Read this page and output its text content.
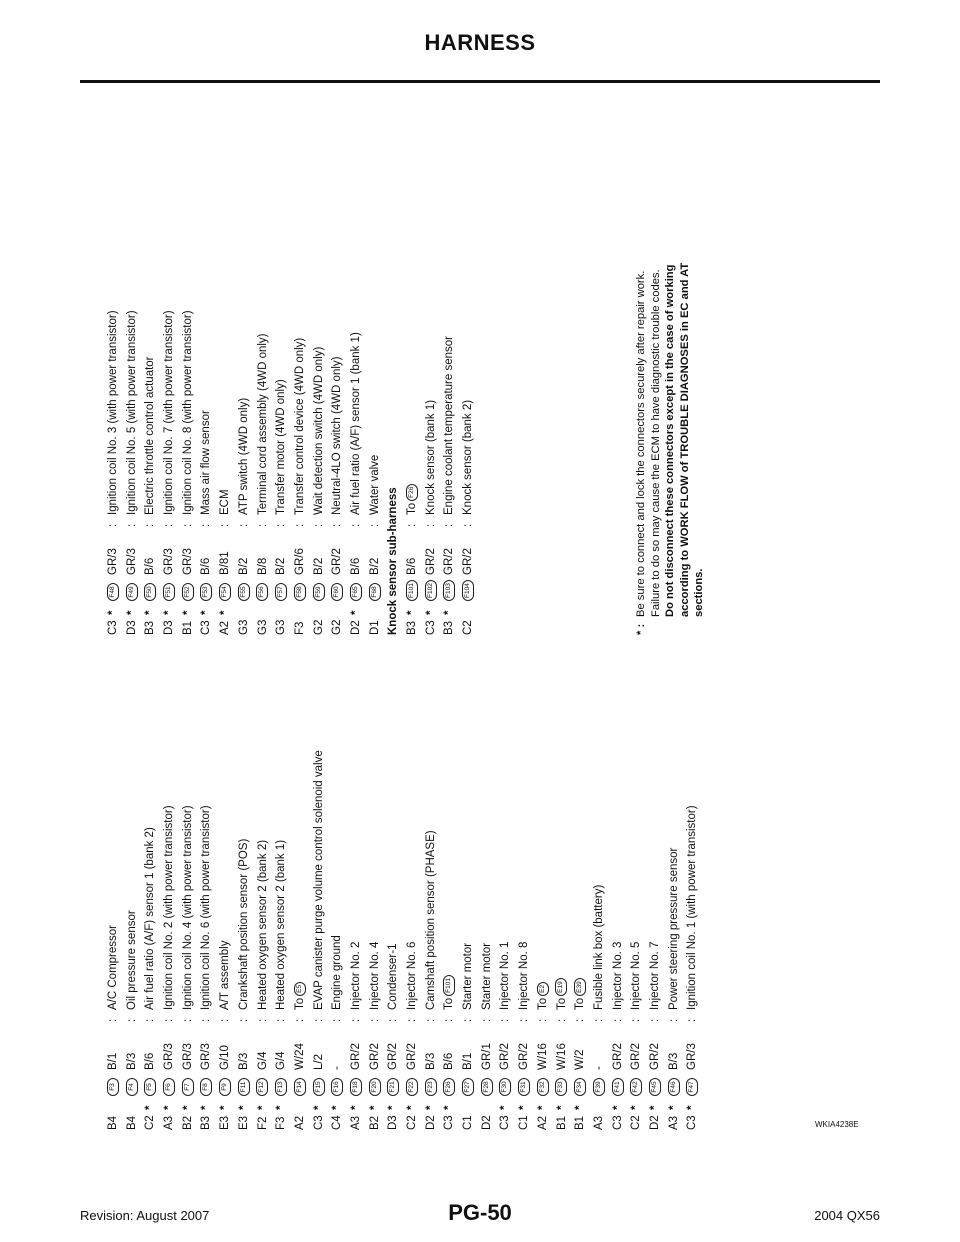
HARNESS
B4F3B/1:A/C Compressor
B4F4B/3:Oil pressure sensor
C2*F5B/6:Air fuel ratio (A/F) sensor 1 (bank 2)
A3*F6GR/3:Ignition coil No. 2 (with power transistor)
B2*F7GR/3:Ignition coil No. 4 (with power transistor)
B3*F8GR/3:Ignition coil No. 6 (with power transistor)
E3*F9G/10:A/T assembly
E3*F11B/3:Crankshaft position sensor (POS)
F2*F12G/4:Heated oxygen sensor 2 (bank 2)
F3*F13G/4:Heated oxygen sensor 2 (bank 1)
A2F14W/24:ToE5
C3*F15L/2:EVAP canister purge volume control solenoid valve
C4*F16-:Engine ground
A3*F18GR/2:Injector No. 2
B2*F20GR/2:Injector No. 4
D3*F21GR/2:Condenser-1
C2*F22GR/2:Injector No. 6
D2*F23B/3:Camshaft position sensor (PHASE)
C3*F26B/6:ToF101
C1F27B/1:Starter motor
D2F28GR/1:Starter motor
C3*F30GR/2:Injector No. 1
C1*F31GR/2:Injector No. 8
A2*F32W/16:ToE2
B1*F33W/16:ToE19
B1*F34W/2:ToE39
A3F39-:Fusible link box (battery)
C3*F41GR/2:Injector No. 3
C2*F42GR/2:Injector No. 5
D2*F45GR/2:Injector No. 7
A3*F46B/3:Power steering pressure sensor
C3*F47GR/3:Ignition coil No. 1 (with power transistor)
C3*F48GR/3:Ignition coil No. 3 (with power transistor)
D3*F49GR/3:Ignition coil No. 5 (with power transistor)
B3*F50B/6:Electric throttle control actuator
D3*F51GR/3:Ignition coil No. 7 (with power transistor)
B1*F52GR/3:Ignition coil No. 8 (with power transistor)
C3*F53B/6:Mass air flow sensor
A2*F54B/81:ECM
G3F55B/2:ATP switch (4WD only)
G3F56B/8:Terminal cord assembly (4WD only)
G3F57B/2:Transfer motor (4WD only)
F3F58GR/6:Transfer control device (4WD only)
G2F59B/2:Wait detection switch (4WD only)
G2F60GR/2:Neutral-4LO switch (4WD only)
D2*F65B/6:Air fuel ratio (A/F) sensor 1 (bank 1)
D1F68B/2:Water valve
Knock sensor sub-harness B3*F101B/6:ToF26
C3*F102GR/2:Knock sensor (bank 1)
B3*F103GR/2:Engine coolant temperature sensor
C2F104GR/2:Knock sensor (bank 2)
* :
Be sure to connect and lock the connectors securely after repair work. Failure to do so may cause the ECM to have diagnostic trouble codes. Do not disconnect these connectors except in the case of working according to WORK FLOW of TROUBLE DIAGNOSES in EC and AT sections.
WKIA4238E
Revision: August 2007	PG-50	2004 QX56
